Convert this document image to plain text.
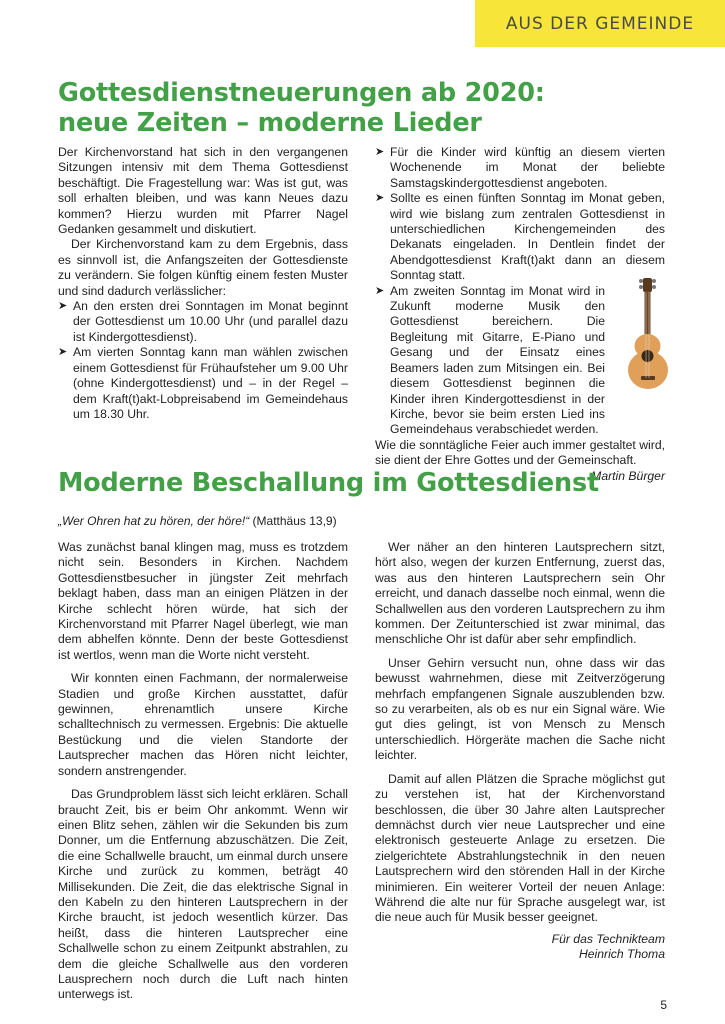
AUS DER GEMEINDE
Gottesdienstneuerungen ab 2020:
neue Zeiten – moderne Lieder

Der Kirchenvorstand hat sich in den vergangenen Sitzungen intensiv mit dem Thema Gottesdienst beschäftigt. Die Fragestellung war: Was ist gut, was soll erhalten bleiben, und was kann Neues dazu kommen? Hierzu wurden mit Pfarrer Nagel Gedanken gesammelt und diskutiert.

Der Kirchenvorstand kam zu dem Ergebnis, dass es sinnvoll ist, die Anfangszeiten der Gottesdienste zu verändern. Sie folgen künftig einem festen Muster und sind dadurch verlässlicher:

➤ An den ersten drei Sonntagen im Monat beginnt der Gottesdienst um 10.00 Uhr (und parallel dazu ist Kindergottesdienst).
➤ Am vierten Sonntag kann man wählen zwischen einem Gottesdienst für Frühaufsteher um 9.00 Uhr (ohne Kindergottesdienst) und – in der Regel – dem Kraft(t)akt-Lobpreisabend im Gemeindehaus um 18.30 Uhr.
➤ Für die Kinder wird künftig an diesem vierten Wochenende im Monat der beliebte Samstagskindergottesdienst angeboten.
➤ Sollte es einen fünften Sonntag im Monat geben, wird wie bislang zum zentralen Gottesdienst in unterschiedlichen Kirchengemeinden des Dekanats eingeladen. In Dentlein findet der Abendgottesdienst Kraft(t)akt dann an diesem Sonntag statt.
➤ Am zweiten Sonntag im Monat wird in Zukunft moderne Musik den Gottesdienst bereichern. Die Begleitung mit Gitarre, E-Piano und Gesang und der Einsatz eines Beamers laden zum Mitsingen ein. Bei diesem Gottesdienst beginnen die Kinder ihren Kindergottesdienst in der Kirche, bevor sie beim ersten Lied ins Gemeindehaus verabschiedet werden.

Wie die sonntägliche Feier auch immer gestaltet wird, sie dient der Ehre Gottes und der Gemeinschaft.

Martin Bürger

Moderne Beschallung im Gottesdienst
„Wer Ohren hat zu hören, der höre!“ (Matthäus 13,9)

Was zunächst banal klingen mag, muss es trotzdem nicht sein. Besonders in Kirchen. Nachdem Gottesdienstbesucher in jüngster Zeit mehrfach beklagt haben, dass man an einigen Plätzen in der Kirche schlecht hören würde, hat sich der Kirchenvorstand mit Pfarrer Nagel überlegt, wie man dem abhelfen könnte. Denn der beste Gottesdienst ist wertlos, wenn man die Worte nicht versteht.

Wir konnten einen Fachmann, der normalerweise Stadien und große Kirchen ausstattet, dafür gewinnen, ehrenamtlich unsere Kirche schalltechnisch zu vermessen. Ergebnis: Die aktuelle Bestückung und die vielen Standorte der Lautsprecher machen das Hören nicht leichter, sondern anstrengender.

Das Grundproblem lässt sich leicht erklären. Schall braucht Zeit, bis er beim Ohr ankommt. Wenn wir einen Blitz sehen, zählen wir die Sekunden bis zum Donner, um die Entfernung abzuschätzen. Die Zeit, die eine Schallwelle braucht, um einmal durch unsere Kirche und zurück zu kommen, beträgt 40 Millisekunden. Die Zeit, die das elektrische Signal in den Kabeln zu den hinteren Lautsprechern in der Kirche braucht, ist jedoch wesentlich kürzer. Das heißt, dass die hinteren Lautsprecher eine Schallwelle schon zu einem Zeitpunkt abstrahlen, zu dem die gleiche Schallwelle aus den vorderen Lausprechern noch durch die Luft nach hinten unterwegs ist.

Wer näher an den hinteren Lautsprechern sitzt, hört also, wegen der kurzen Entfernung, zuerst das, was aus den hinteren Lautsprechern sein Ohr erreicht, und danach dasselbe noch einmal, wenn die Schallwellen aus den vorderen Lautsprechern zu ihm kommen. Der Zeitunterschied ist zwar minimal, das menschliche Ohr ist dafür aber sehr empfindlich.

Unser Gehirn versucht nun, ohne dass wir das bewusst wahrnehmen, diese mit Zeitverzögerung mehrfach empfangenen Signale auszublenden bzw. so zu verarbeiten, als ob es nur ein Signal wäre. Wie gut dies gelingt, ist von Mensch zu Mensch unterschiedlich. Hörgeräte machen die Sache nicht leichter.

Damit auf allen Plätzen die Sprache möglichst gut zu verstehen ist, hat der Kirchenvorstand beschlossen, die über 30 Jahre alten Lautsprecher demnächst durch vier neue Lautsprecher und eine elektronisch gesteuerte Anlage zu ersetzen. Die zielgerichtete Abstrahlungstechnik in den neuen Lautsprechern wird den störenden Hall in der Kirche minimieren. Ein weiterer Vorteil der neuen Anlage: Während die alte nur für Sprache ausgelegt war, ist die neue auch für Musik besser geeignet.

Für das Technikteam

Heinrich Thoma

5
